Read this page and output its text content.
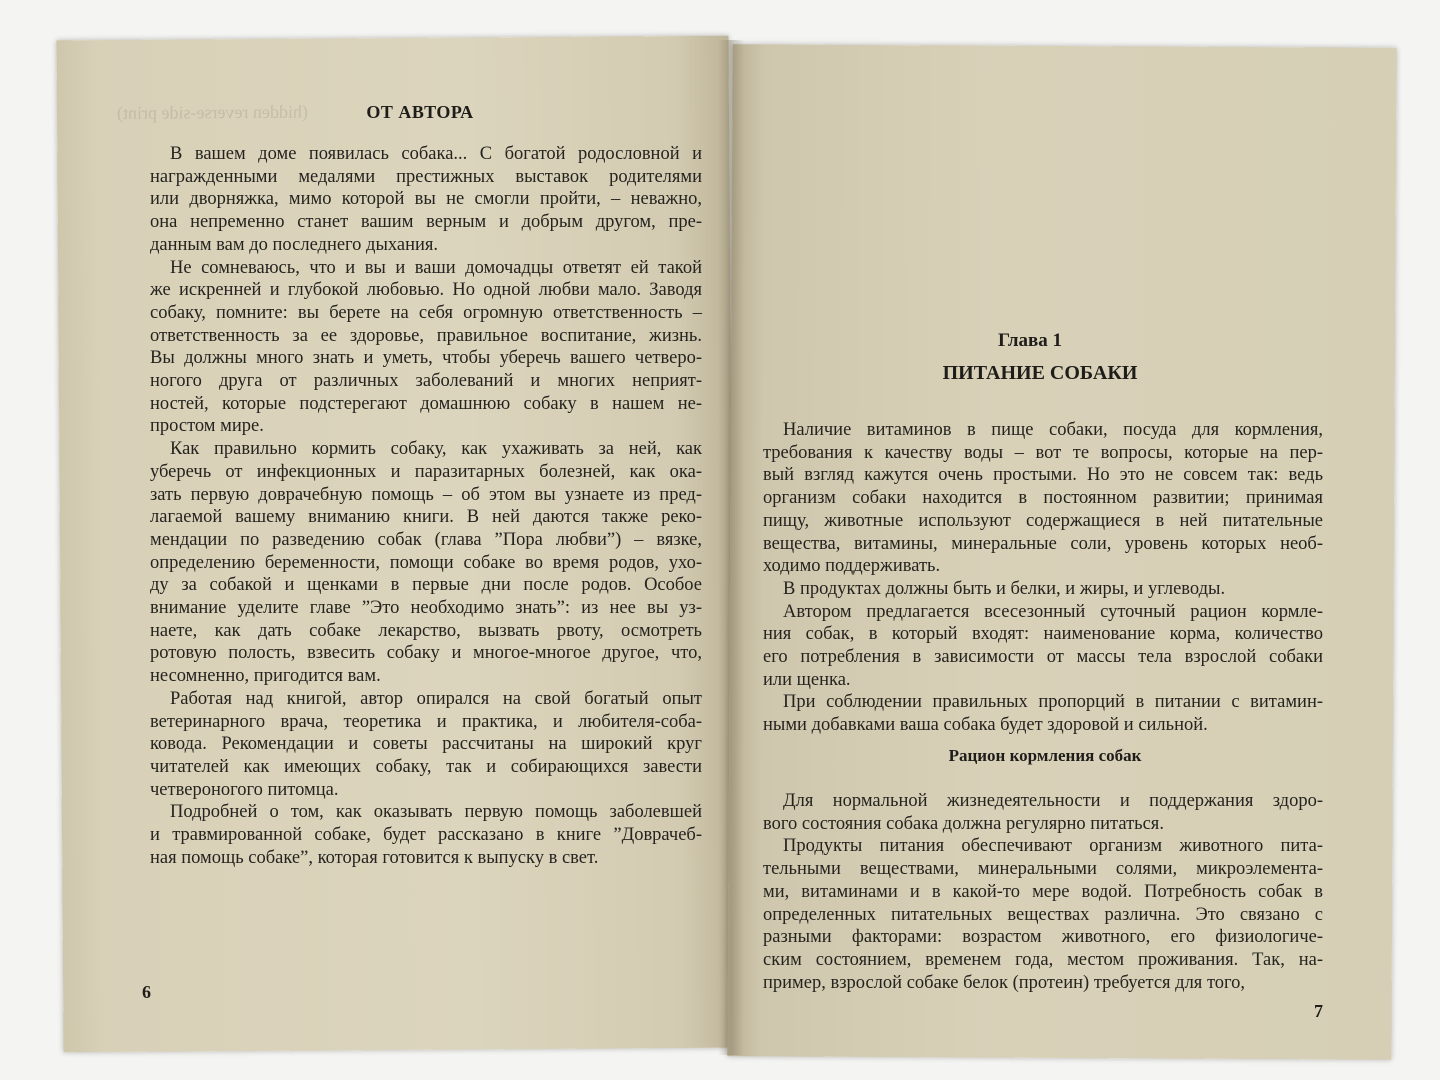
(hidden reverse-side print)	ОТ АВТОРА

В вашем доме появилась собака... С богатой родословной и
награжденными медалями престижных выставок родителями
или дворняжка, мимо которой вы не смогли пройти, – неважно,
она непременно станет вашим верным и добрым другом, пре-
данным вам до последнего дыхания.

Не сомневаюсь, что и вы и ваши домочадцы ответят ей такой
же искренней и глубокой любовью. Но одной любви мало. Заводя
собаку, помните: вы берете на себя огромную ответственность –
ответственность за ее здоровье, правильное воспитание, жизнь.
Вы должны много знать и уметь, чтобы уберечь вашего четверо-
ногого друга от различных заболеваний и многих неприят-
ностей, которые подстерегают домашнюю собаку в нашем не-
простом мире.

Как правильно кормить собаку, как ухаживать за ней, как
уберечь от инфекционных и паразитарных болезней, как ока-
зать первую доврачебную помощь – об этом вы узнаете из пред-
лагаемой вашему вниманию книги. В ней даются также реко-
мендации по разведению собак (глава ”Пора любви”) – вязке,
определению беременности, помощи собаке во время родов, ухо-
ду за собакой и щенками в первые дни после родов. Особое
внимание уделите главе ”Это необходимо знать”: из нее вы уз-
наете, как дать собаке лекарство, вызвать рвоту, осмотреть
ротовую полость, взвесить собаку и многое-многое другое, что,
несомненно, пригодится вам.

Работая над книгой, автор опирался на свой богатый опыт
ветеринарного врача, теоретика и практика, и любителя-соба-
ковода. Рекомендации и советы рассчитаны на широкий круг
читателей как имеющих собаку, так и собирающихся завести
четвероногого питомца.

Подробней о том, как оказывать первую помощь заболевшей
и травмированной собаке, будет рассказано в книге ”Доврачеб-
ная помощь собаке”, которая готовится к выпуску в свет.

6
Глава 1
ПИТАНИЕ СОБАКИ

Наличие витаминов в пище собаки, посуда для кормления,
требования к качеству воды – вот те вопросы, которые на пер-
вый взгляд кажутся очень простыми. Но это не совсем так: ведь
организм собаки находится в постоянном развитии; принимая
пищу, животные используют содержащиеся в ней питательные
вещества, витамины, минеральные соли, уровень которых необ-
ходимо поддерживать.

В продуктах должны быть и белки, и жиры, и углеводы.

Автором предлагается всесезонный суточный рацион кормле-
ния собак, в который входят: наименование корма, количество
его потребления в зависимости от массы тела взрослой собаки
или щенка.

При соблюдении правильных пропорций в питании с витамин-
ными добавками ваша собака будет здоровой и сильной.

Рацион кормления собак

Для нормальной жизнедеятельности и поддержания здоро-
вого состояния собака должна регулярно питаться.

Продукты питания обеспечивают организм животного пита-
тельными веществами, минеральными солями, микроэлемента-
ми, витаминами и в какой-то мере водой. Потребность собак в
определенных питательных веществах различна. Это связано с
разными факторами: возрастом животного, его физиологиче-
ским состоянием, временем года, местом проживания. Так, на-
пример, взрослой собаке белок (протеин) требуется для того,

7
